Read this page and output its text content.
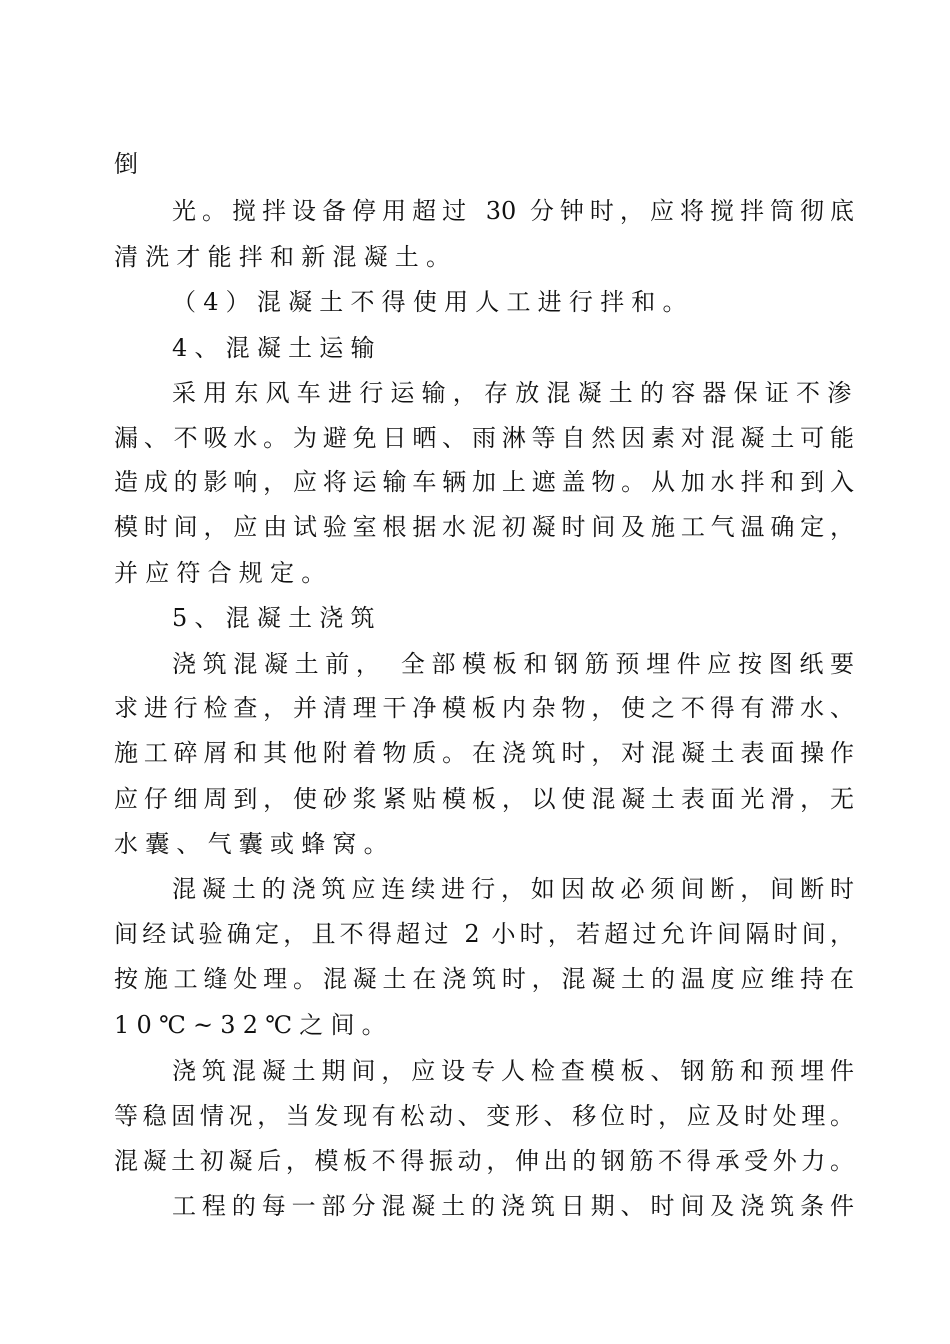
倒
光。搅拌设备停用超过 30 分钟时，应将搅拌筒彻底
清洗才能拌和新混凝土。
（4）混凝土不得使用人工进行拌和。
4、混凝土运输
采用东风车进行运输，存放混凝土的容器保证不渗
漏、不吸水。为避免日晒、雨淋等自然因素对混凝土可能
造成的影响，应将运输车辆加上遮盖物。从加水拌和到入
模时间，应由试验室根据水泥初凝时间及施工气温确定，
并应符合规定。
5、混凝土浇筑
浇筑混凝土前， 全部模板和钢筋预埋件应按图纸要
求进行检查，并清理干净模板内杂物，使之不得有滞水、
施工碎屑和其他附着物质。在浇筑时，对混凝土表面操作
应仔细周到，使砂浆紧贴模板，以使混凝土表面光滑，无
水囊、气囊或蜂窝。
混凝土的浇筑应连续进行，如因故必须间断，间断时
间经试验确定，且不得超过 2 小时，若超过允许间隔时间，
按施工缝处理。混凝土在浇筑时，混凝土的温度应维持在
10℃~32℃之间。
浇筑混凝土期间，应设专人检查模板、钢筋和预埋件
等稳固情况，当发现有松动、变形、移位时，应及时处理。
混凝土初凝后，模板不得振动，伸出的钢筋不得承受外力。
工程的每一部分混凝土的浇筑日期、时间及浇筑条件
